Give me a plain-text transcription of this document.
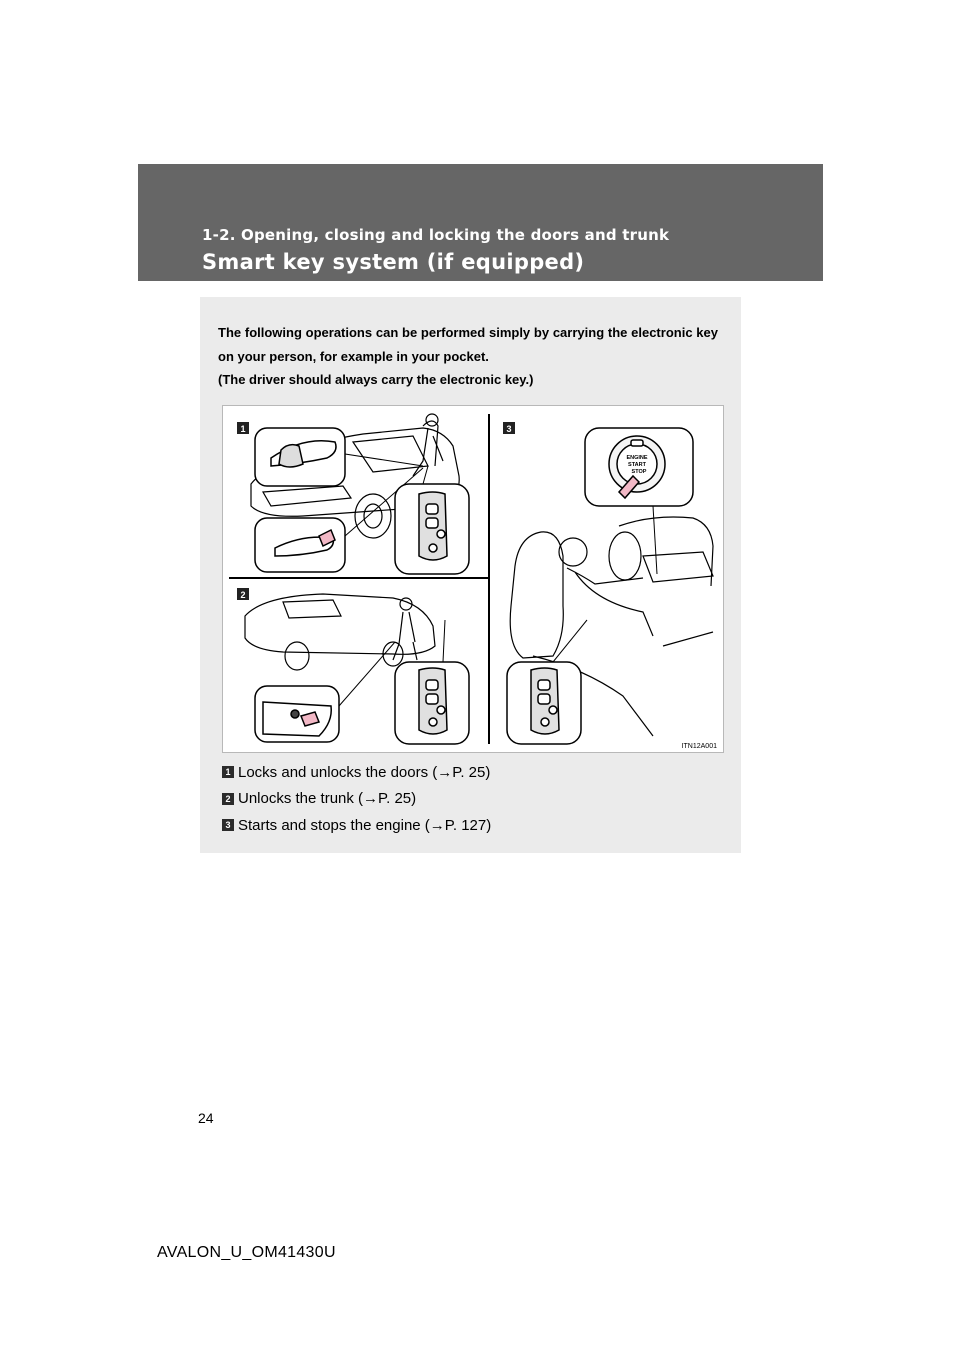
1-2. Opening, closing and locking the doors and trunk
Smart key system (if equipped)

The following operations can be performed simply by carrying the electronic key on your person, for example in your pocket.

(The driver should always carry the electronic key.)

1
2
3
ENGINE
START
STOP
ITN12A001
1 Locks and unlocks the doors (→P. 25)
2 Unlocks the trunk (→P. 25)
3 Starts and stops the engine (→P. 127)
24
AVALON_U_OM41430U
